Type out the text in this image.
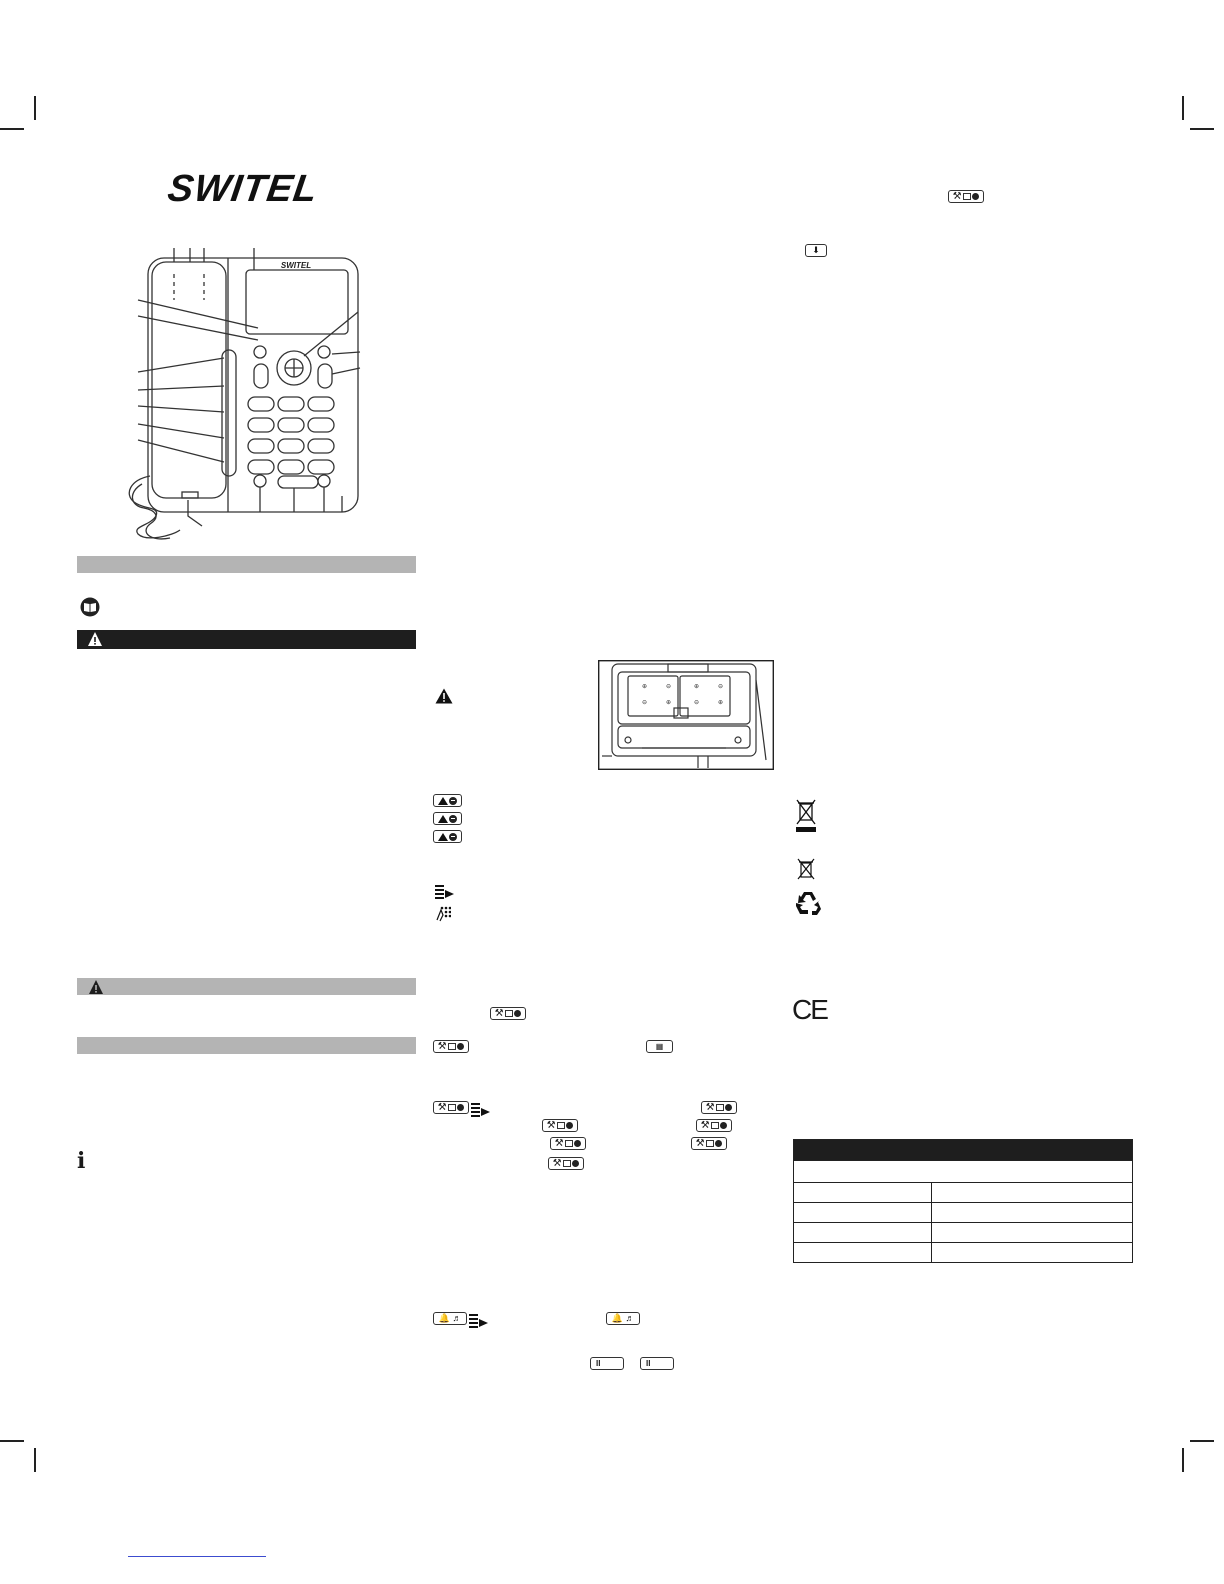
SWITEL
SWITEL
i
⊕	⊖
⊖	⊕
⊕	⊖
⊖	⊕
⚒
⚒	▦
⚒	⚒
⚒	⚒
⚒	⚒
⚒
🔔 ♬	🔔 ♬
II	II
⚒
⬇
CE
